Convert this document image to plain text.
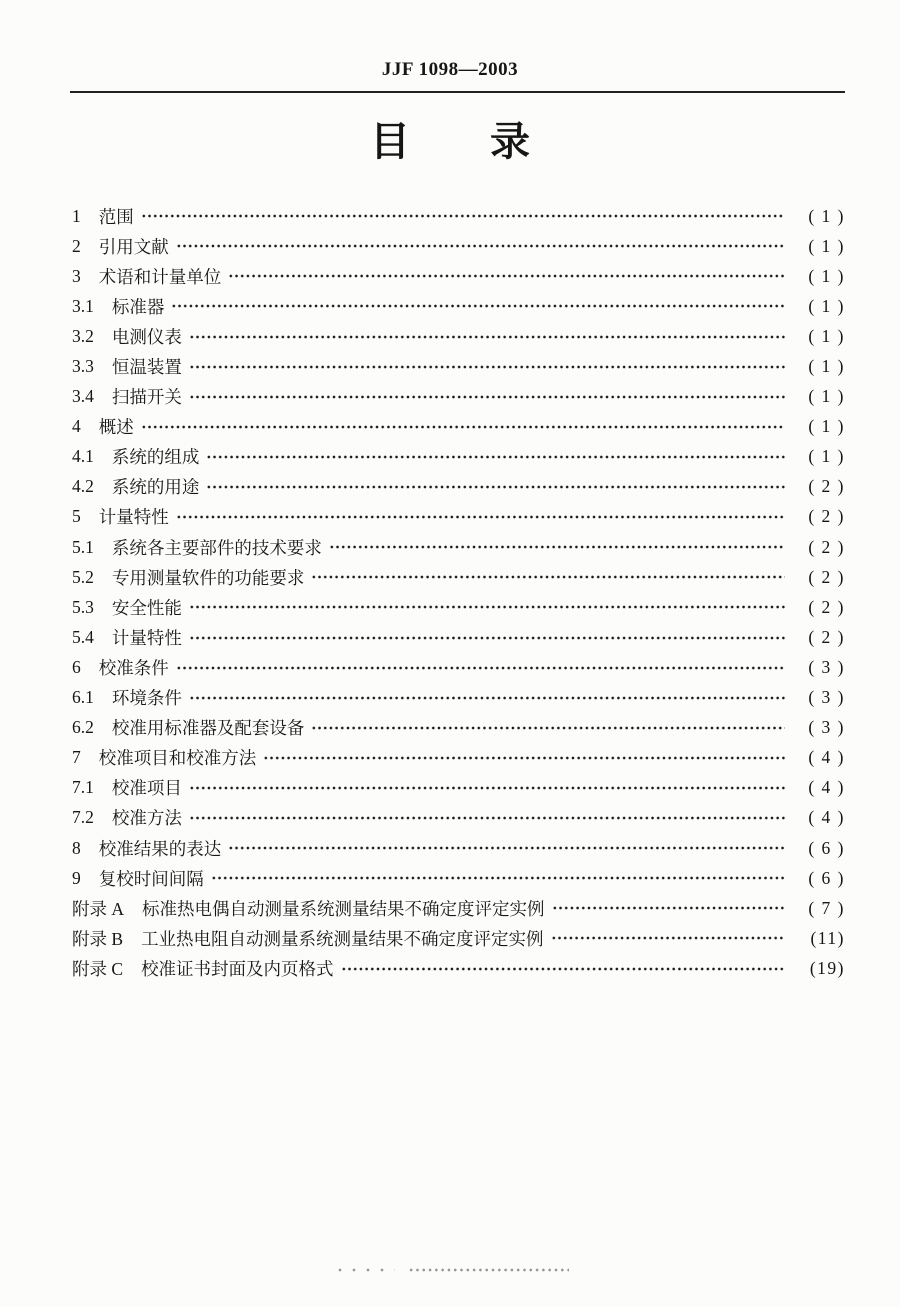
JJF 1098—2003
目　　录
1 范围	( 1 )
2 引用文献	( 1 )
3 术语和计量单位	( 1 )
3.1 标准器	( 1 )
3.2 电测仪表	( 1 )
3.3 恒温装置	( 1 )
3.4 扫描开关	( 1 )
4 概述	( 1 )
4.1 系统的组成	( 1 )
4.2 系统的用途	( 2 )
5 计量特性	( 2 )
5.1 系统各主要部件的技术要求	( 2 )
5.2 专用测量软件的功能要求	( 2 )
5.3 安全性能	( 2 )
5.4 计量特性	( 2 )
6 校准条件	( 3 )
6.1 环境条件	( 3 )
6.2 校准用标准器及配套设备	( 3 )
7 校准项目和校准方法	( 4 )
7.1 校准项目	( 4 )
7.2 校准方法	( 4 )
8 校准结果的表达	( 6 )
9 复校时间间隔	( 6 )
附录 A 标准热电偶自动测量系统测量结果不确定度评定实例	( 7 )
附录 B 工业热电阻自动测量系统测量结果不确定度评定实例	(11)
附录 C 校准证书封面及内页格式	(19)
